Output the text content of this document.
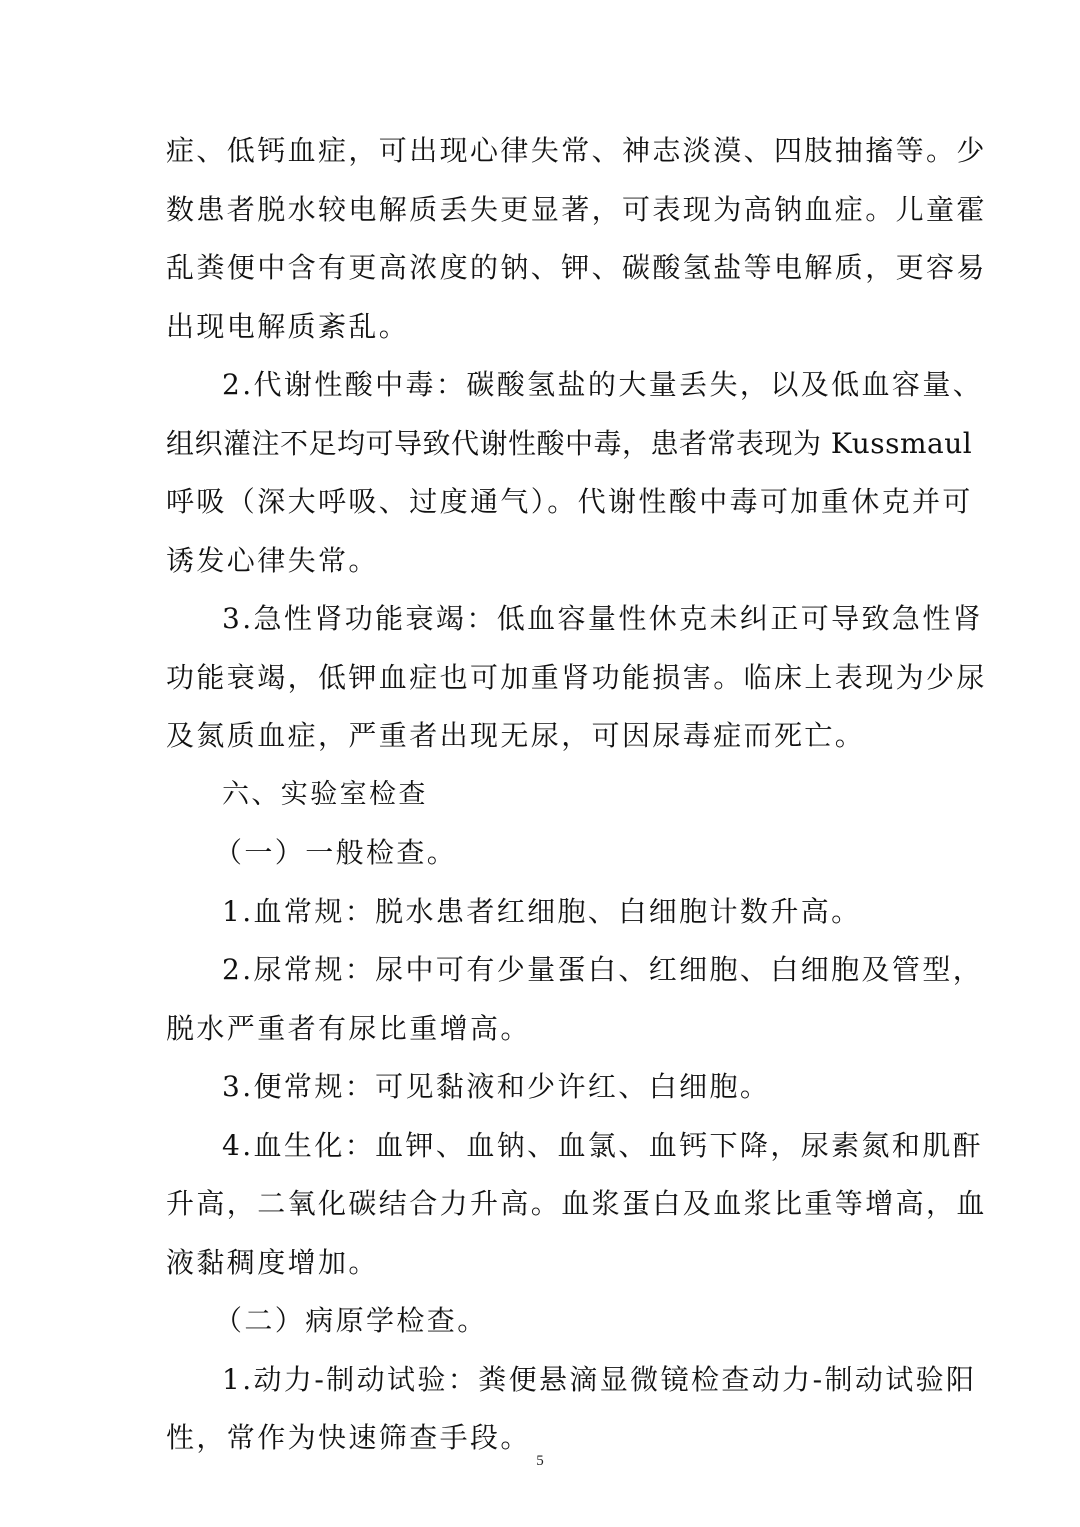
症、低钙血症，可出现心律失常、神志淡漠、四肢抽搐等。少
数患者脱水较电解质丢失更显著，可表现为高钠血症。儿童霍
乱粪便中含有更高浓度的钠、钾、碳酸氢盐等电解质，更容易
出现电解质紊乱。
2.代谢性酸中毒：碳酸氢盐的大量丢失，以及低血容量、
组织灌注不足均可导致代谢性酸中毒，患者常表现为 Kussmaul
呼吸（深大呼吸、过度通气）。代谢性酸中毒可加重休克并可
诱发心律失常。
3.急性肾功能衰竭：低血容量性休克未纠正可导致急性肾
功能衰竭，低钾血症也可加重肾功能损害。临床上表现为少尿
及氮质血症，严重者出现无尿，可因尿毒症而死亡。
六、实验室检查
（一）一般检查。
1.血常规：脱水患者红细胞、白细胞计数升高。
2.尿常规：尿中可有少量蛋白、红细胞、白细胞及管型，
脱水严重者有尿比重增高。
3.便常规：可见黏液和少许红、白细胞。
4.血生化：血钾、血钠、血氯、血钙下降，尿素氮和肌酐
升高，二氧化碳结合力升高。血浆蛋白及血浆比重等增高，血
液黏稠度增加。
（二）病原学检查。
1.动力-制动试验：粪便悬滴显微镜检查动力-制动试验阳
性，常作为快速筛查手段。
5
